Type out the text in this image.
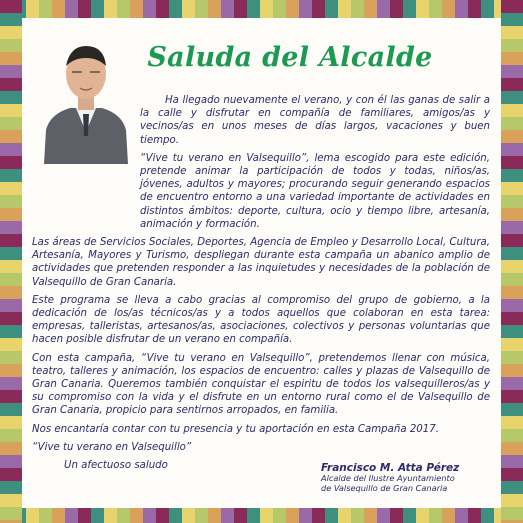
Saluda del Alcalde

Ha llegado nuevamente el verano, y con él las ganas de salir a la calle y disfrutar en compañía de familiares, amigos/as y vecinos/as en unos meses de días largos, vacaciones y buen tiempo.

“Vive tu verano en Valsequillo”, lema escogido para este edición, pretende animar la participación de todos y todas, niños/as, jóvenes, adultos y mayores; procurando seguir generando espacios de encuentro entorno a una variedad importante de actividades en distintos ámbitos: deporte, cultura, ocio y tiempo libre, artesanía, animación y formación.

Las áreas de Servicios Sociales, Deportes, Agencia de Empleo y Desarrollo Local, Cultura, Artesanía, Mayores y Turismo, despliegan durante esta campaña un abanico amplio de actividades que pretenden responder a las inquietudes y necesidades de la población de Valsequillo de Gran Canaria.

Este programa se lleva a cabo gracias al compromiso del grupo de gobierno, a la dedicación de los/as técnicos/as y a todos aquellos que colaboran en esta tarea: empresas, talleristas, artesanos/as, asociaciones, colectivos y personas voluntarias que hacen posible disfrutar de un verano en compañía.

Con esta campaña, “Vive tu verano en Valsequillo”, pretendemos llenar con música, teatro, talleres y animación, los espacios de encuentro: calles y plazas de Valsequillo de Gran Canaria. Queremos también conquistar el espiritu de todos los valsequilleros/as y su compromiso con la vida y el disfrute en un entorno rural como el de Valsequillo de Gran Canaria, propicio para sentirnos arropados, en familia.

Nos encantaría contar con tu presencia y tu aportación en esta Campaña 2017.

“Vive tu verano en Valsequillo”

Un afectuoso saludo	Francisco M. Atta Pérez
Alcalde del Ilustre Ayuntamiento
de Valsequillo de Gran Canaria
